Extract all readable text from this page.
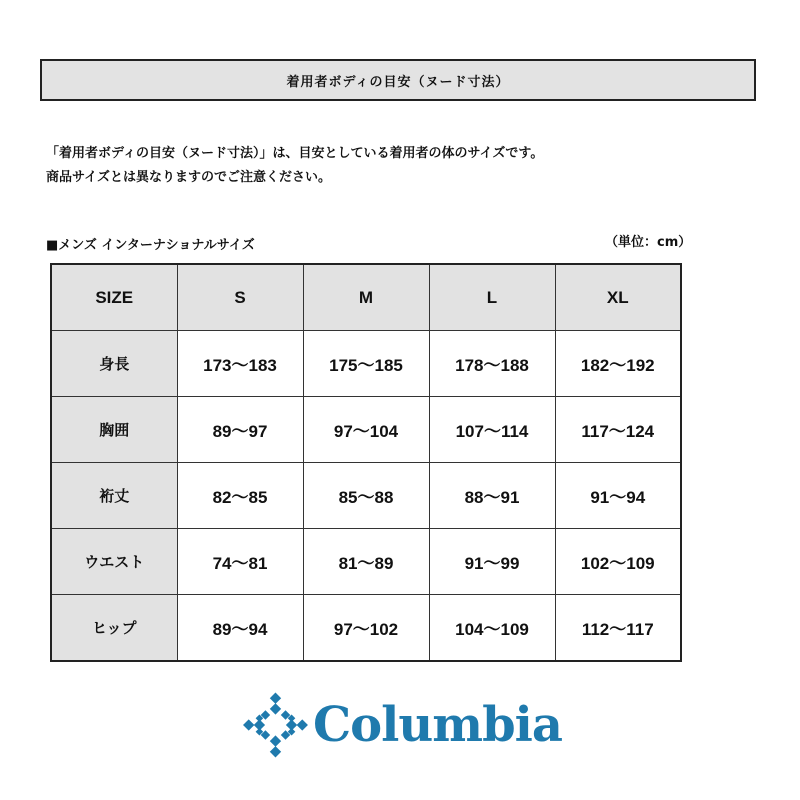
着用者ボディの目安（ヌード寸法）
「着用者ボディの目安（ヌード寸法）」は、目安としている着用者の体のサイズです。
商品サイズとは異なりますのでご注意ください。
■メンズ インターナショナルサイズ	（単位：cm）
SIZE	S	M	L	XL
身長	173～183	175～185	178～188	182～192
胸囲	89～97	97～104	107～114	117～124
裄丈	82～85	85～88	88～91	91～94
ウエスト	74～81	81～89	91～99	102～109
ヒップ	89～94	97～102	104～109	112～117
Columbia
